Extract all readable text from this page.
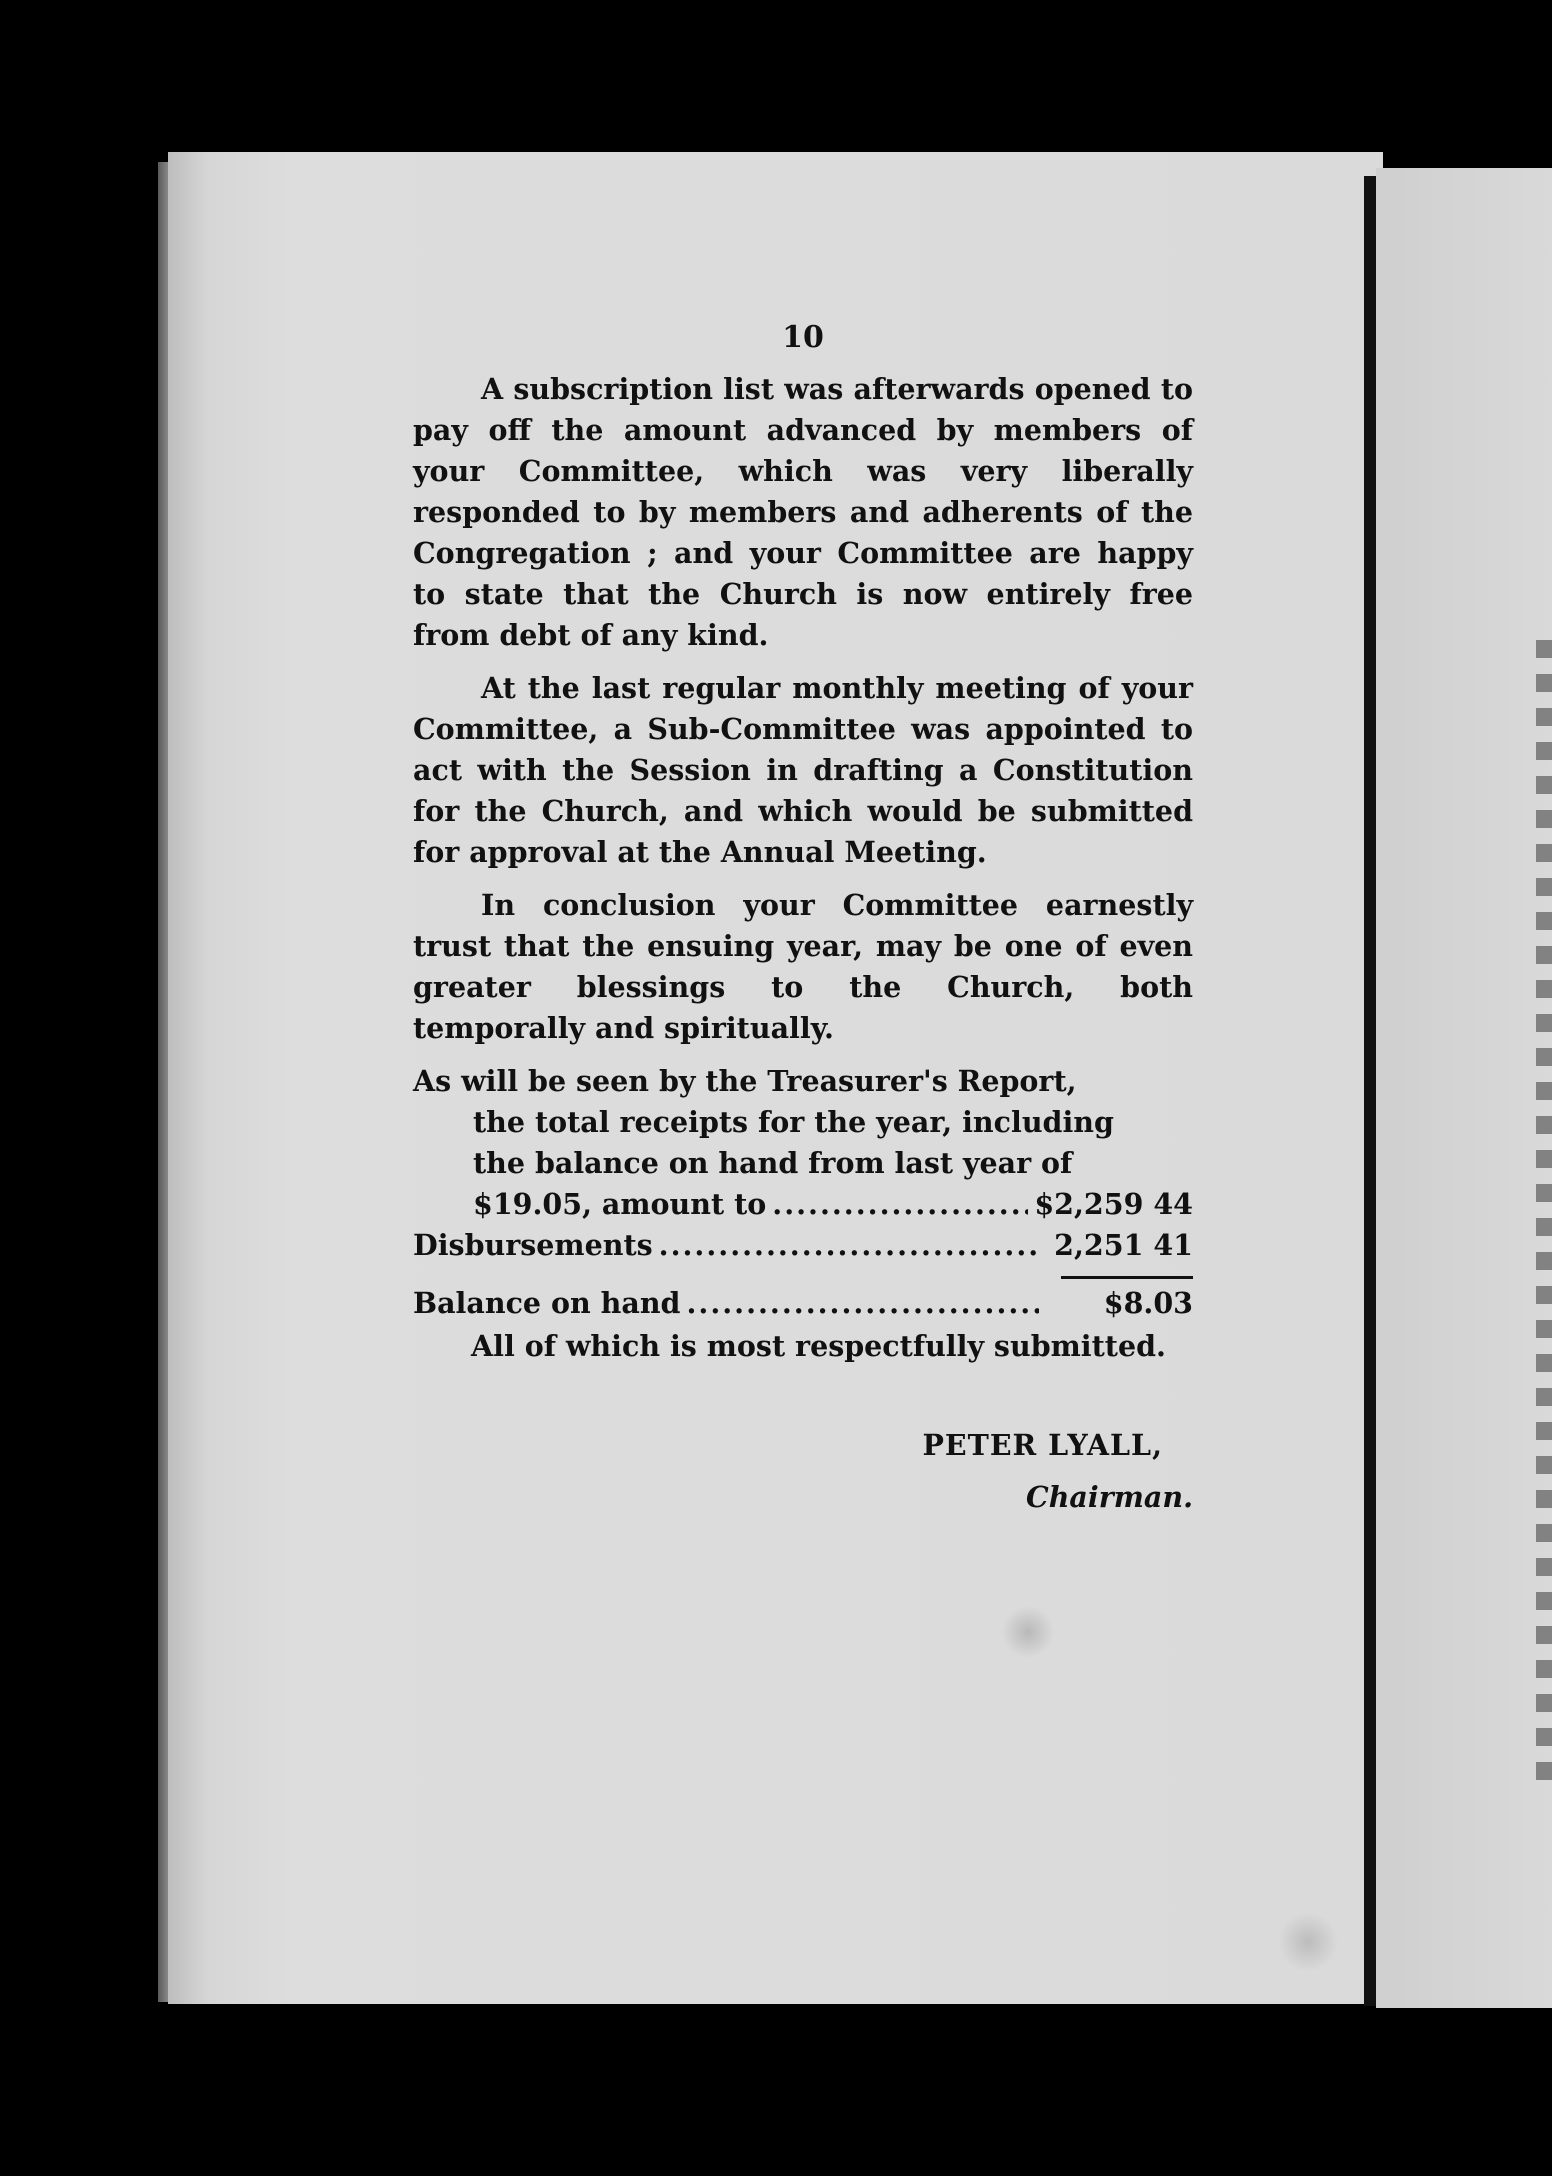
10

A subscription list was afterwards opened to pay off the amount advanced by members of your Committee, which was very liberally responded to by members and adherents of the Congregation ; and your Committee are happy to state that the Church is now entirely free from debt of any kind.

At the last regular monthly meeting of your Committee, a Sub-Committee was appointed to act with the Session in drafting a Constitution for the Church, and which would be submitted for approval at the Annual Meeting.

In conclusion your Committee earnestly trust that the ensuing year, may be one of even greater blessings to the Church, both temporally and spiritually.

As will be seen by the Treasurer's Report,
the total receipts for the year, including
the balance on hand from last year of
$19.05, amount to .....	$2,259 44
Disbursements .....	2,251 41
Balance on hand .....	$8.03
All of which is most respectfully submitted.
PETER LYALL,
Chairman.
